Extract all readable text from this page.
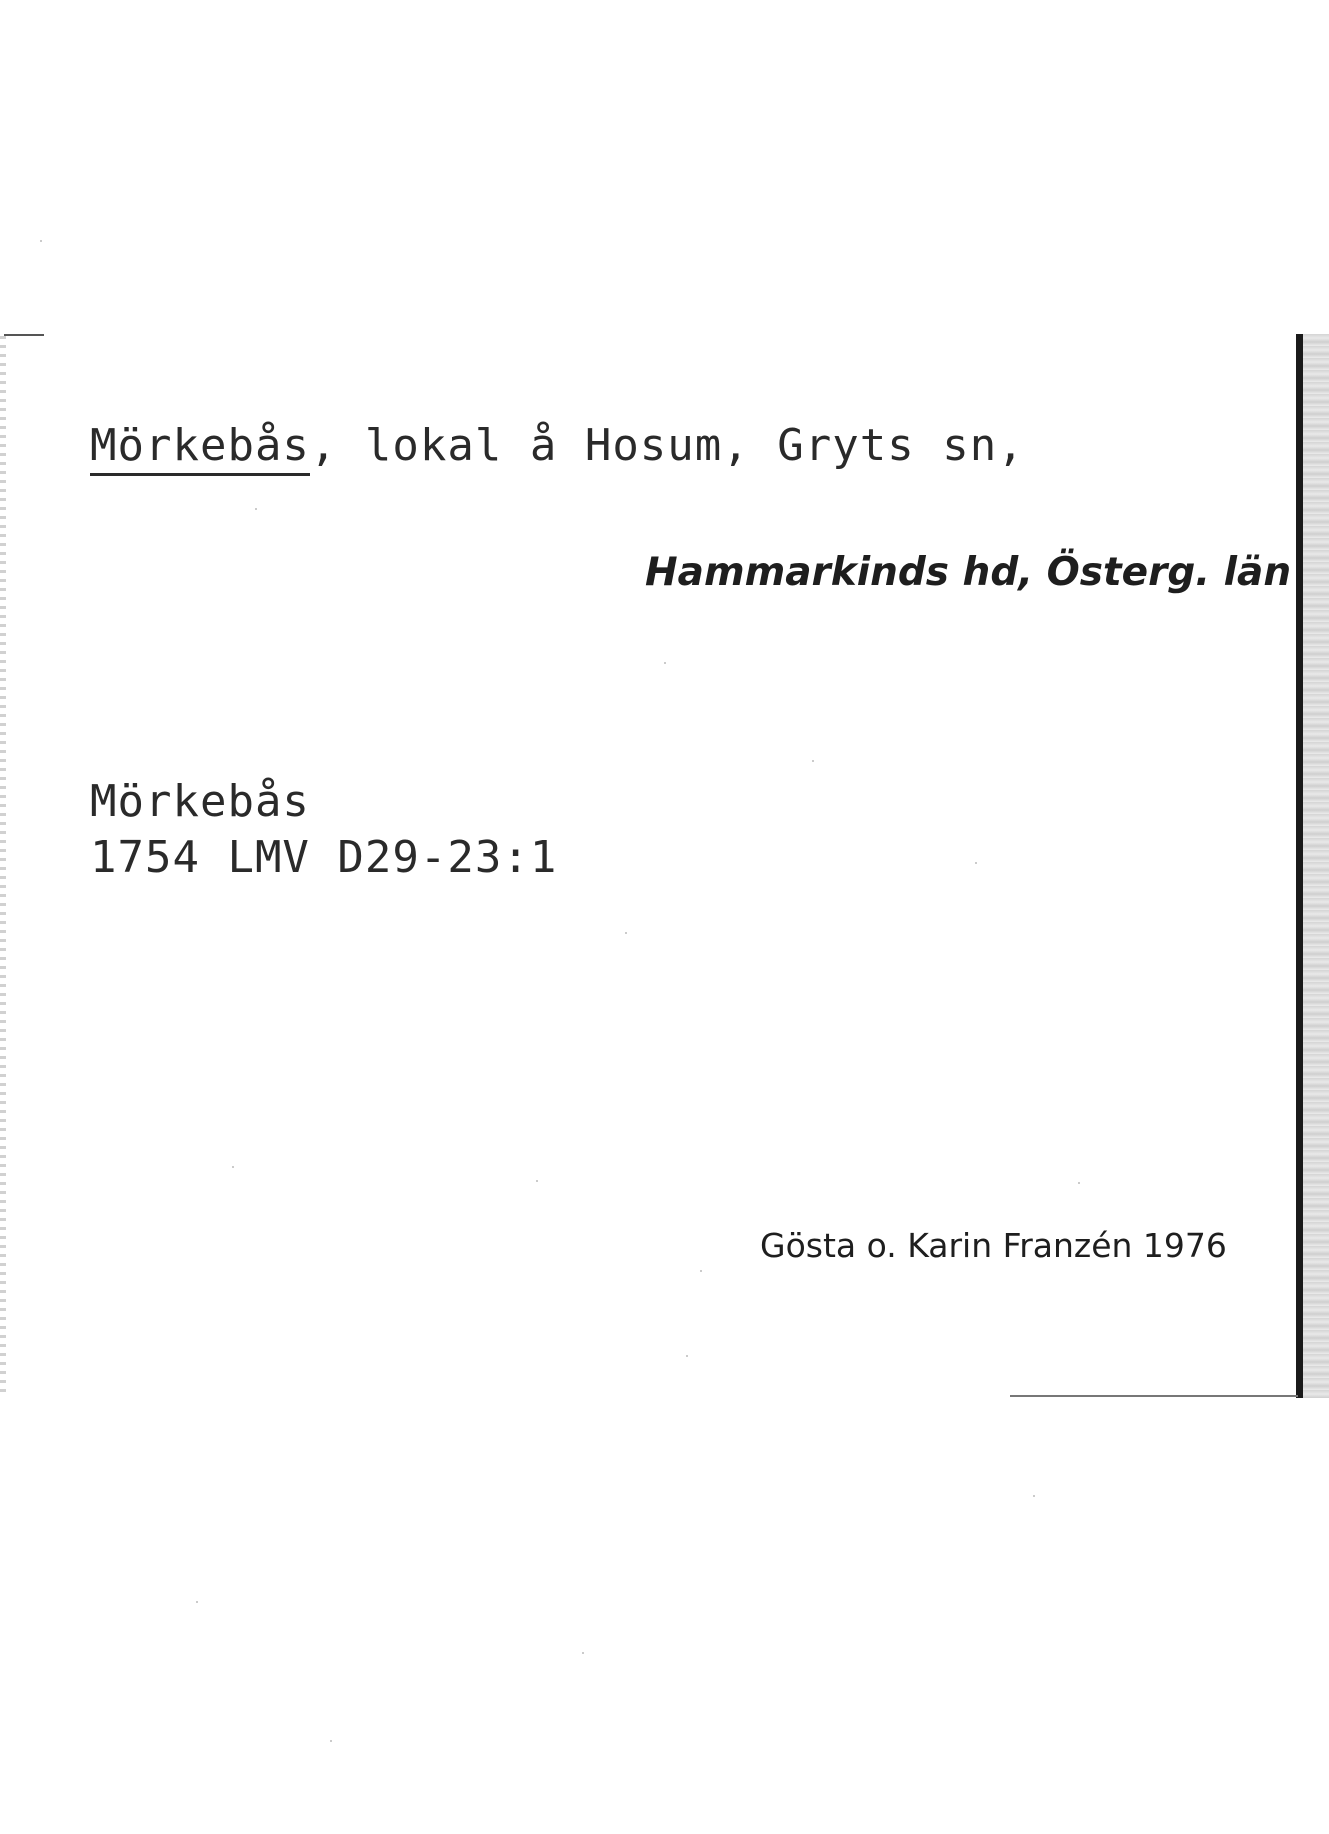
Mörkebås, lokal å Hosum, Gryts sn,
Hammarkinds hd, Österg. län
Mörkebås
1754 LMV D29-23:1
Gösta o. Karin Franzén 1976
